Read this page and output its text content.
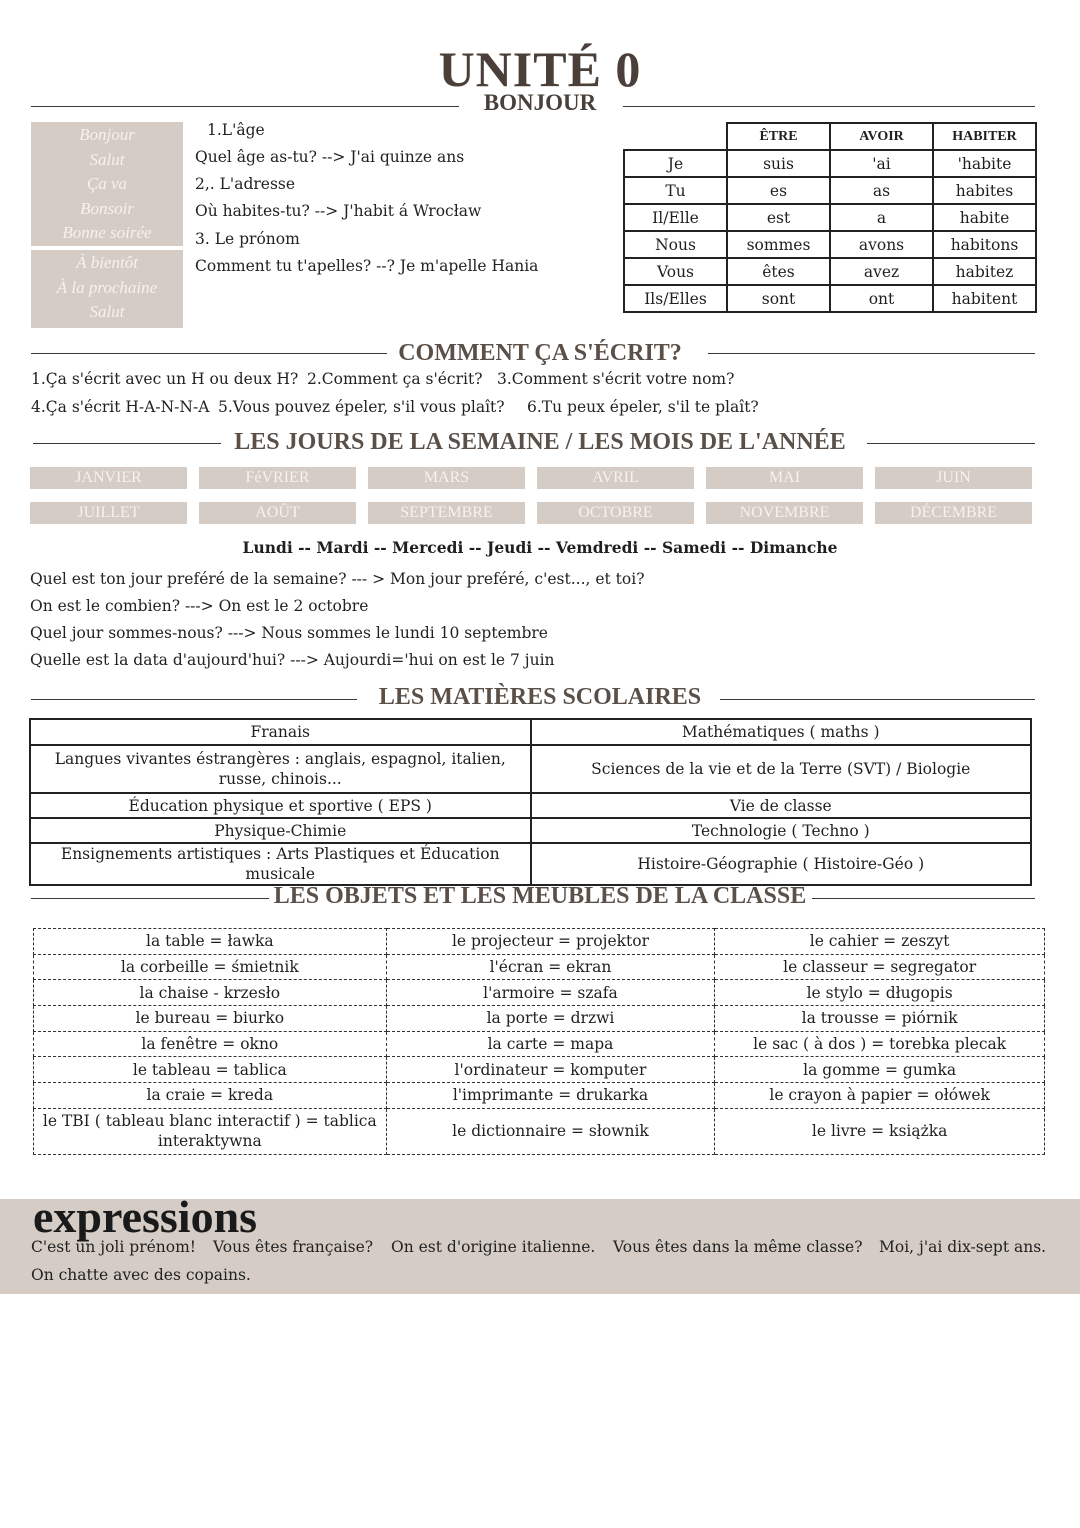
UNITÉ 0
BONJOUR
Bonjour
Salut
Ça va
Bonsoir
Bonne soirée
À bientôt
À la prochaine
Salut
1.L'âge
Quel âge as-tu? --> J'ai quinze ans
2,. L'adresse
Où habites-tu? --> J'habit á Wrocław
3. Le prónom
Comment tu t'apelles? --? Je m'apelle Hania
	ÊTRE	AVOIR	HABITER
Je	suis	'ai	'habite
Tu	es	as	habites
Il/Elle	est	a	habite
Nous	sommes	avons	habitons
Vous	êtes	avez	habitez
Ils/Elles	sont	ont	habitent
COMMENT ÇA S'ÉCRIT?
1.Ça s'écrit avec un H ou deux H? 2.Comment ça s'écrit? 3.Comment s'écrit votre nom?
4.Ça s'écrit H-A-N-N-A 5.Vous pouvez épeler, s'il vous plaît? 6.Tu peux épeler, s'il te plaît?
LES JOURS DE LA SEMAINE / LES MOIS DE L'ANNÉE
JANVIER	FéVRIER	MARS	AVRIL	MAI	JUIN
JUILLET	AOÛT	SEPTEMBRE	OCTOBRE	NOVEMBRE	DÉCEMBRE
Lundi -- Mardi -- Mercedi -- Jeudi -- Vemdredi -- Samedi -- Dimanche
Quel est ton jour preféré de la semaine? --- > Mon jour preféré, c'est..., et toi?
On est le combien? ---> On est le 2 octobre
Quel jour sommes-nous? ---> Nous sommes le lundi 10 septembre
Quelle est la data d'aujourd'hui? ---> Aujourdi='hui on est le 7 juin
LES MATIÈRES SCOLAIRES
Franais	Mathématiques ( maths )
Langues vivantes éstrangères : anglais, espagnol, italien, russe, chinois...	Sciences de la vie et de la Terre (SVT) / Biologie
Éducation physique et sportive ( EPS )	Vie de classe
Physique-Chimie	Technologie ( Techno )
Ensignements artistiques : Arts Plastiques et Éducation musicale	Histoire-Géographie ( Histoire-Géo )
LES OBJETS ET LES MEUBLES DE LA CLASSE
la table = ławka	le projecteur = projektor	le cahier = zeszyt
la corbeille = śmietnik	l'écran = ekran	le classeur = segregator
la chaise - krzesło	l'armoire = szafa	le stylo = długopis
le bureau = biurko	la porte = drzwi	la trousse = piórnik
la fenêtre = okno	la carte = mapa	le sac ( à dos ) = torebka plecak
le tableau = tablica	l'ordinateur = komputer	la gomme = gumka
la craie = kreda	l'imprimante = drukarka	le crayon à papier = ołówek
le TBI ( tableau blanc interactif ) = tablica interaktywna	le dictionnaire = słownik	le livre = książka
expressions
C'est un joli prénom! Vous êtes française? On est d'origine italienne. Vous êtes dans la même classe? Moi, j'ai dix-sept ans.
On chatte avec des copains.
